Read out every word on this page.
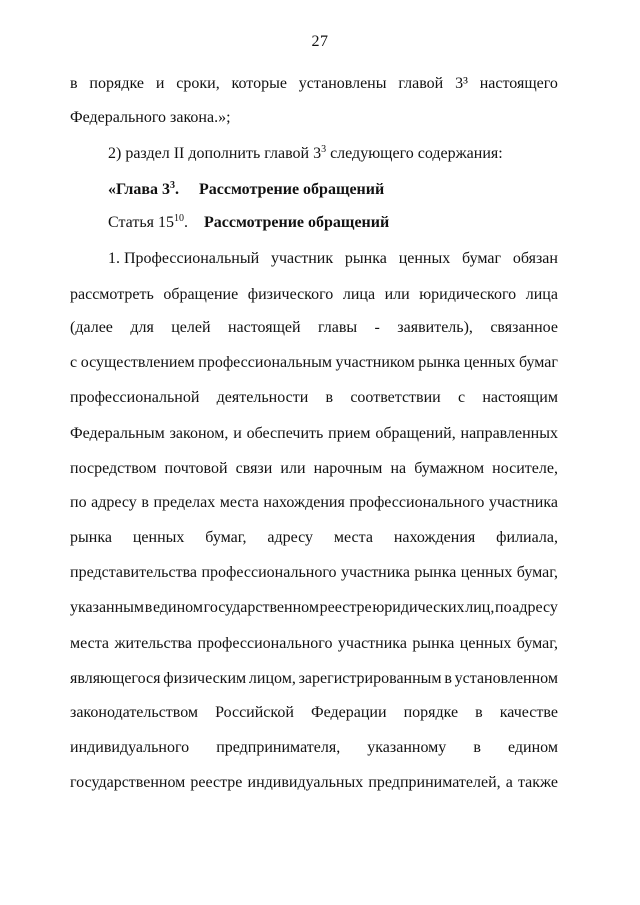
27
в порядке и сроки, которые установлены главой 3³ настоящего
Федерального закона.»;
2) раздел II дополнить главой $3^3$ следующего содержания:
«Глава $3^3$. Рассмотрение обращений
Статья $15^{10}$. Рассмотрение обращений
1. Профессиональный участник рынка ценных бумаг обязан
рассмотреть обращение физического лица или юридического лица
(далее для целей настоящей главы - заявитель), связанное
с осуществлением профессиональным участником рынка ценных бумаг
профессиональной деятельности в соответствии с настоящим
Федеральным законом, и обеспечить прием обращений, направленных
посредством почтовой связи или нарочным на бумажном носителе,
по адресу в пределах места нахождения профессионального участника
рынка ценных бумаг, адресу места нахождения филиала,
представительства профессионального участника рынка ценных бумаг,
указанным в едином государственном реестре юридических лиц, по адресу
места жительства профессионального участника рынка ценных бумаг,
являющегося физическим лицом, зарегистрированным в установленном
законодательством Российской Федерации порядке в качестве
индивидуального предпринимателя, указанному в едином
государственном реестре индивидуальных предпринимателей, а также
